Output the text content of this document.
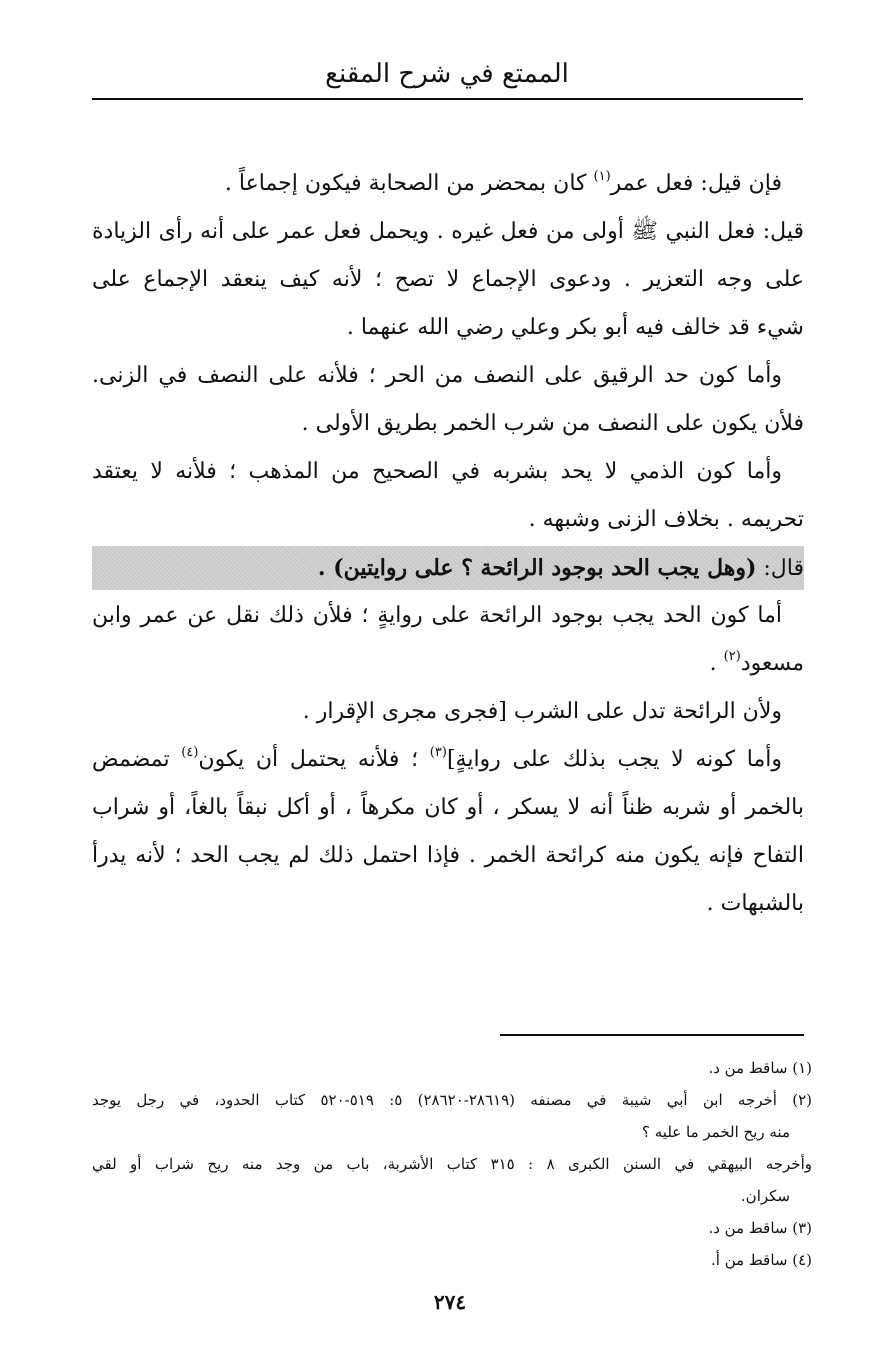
الممتع في شرح المقنع
فإن قيل: فعل عمر$^{(١)}$ كان بمحضر من الصحابة فيكون إجماعاً .
قيل: فعل النبي ﷺ أولى من فعل غيره . ويحمل فعل عمر على أنه رأى الزيادة
على وجه التعزير . ودعوى الإجماع لا تصح ؛ لأنه كيف ينعقد الإجماع على
شيء قد خالف فيه أبو بكر وعلي رضي الله عنهما .
وأما كون حد الرقيق على النصف من الحر ؛ فلأنه على النصف في الزنى.
فلأن يكون على النصف من شرب الخمر بطريق الأولى .
وأما كون الذمي لا يحد بشربه في الصحيح من المذهب ؛ فلأنه لا يعتقد
تحريمه . بخلاف الزنى وشبهه .
قال: (وهل يجب الحد بوجود الرائحة ؟ على روايتين) .
أما كون الحد يجب بوجود الرائحة على روايةٍ ؛ فلأن ذلك نقل عن عمر وابن
مسعود$^{(٢)}$ .
ولأن الرائحة تدل على الشرب [فجرى مجرى الإقرار .
وأما كونه لا يجب بذلك على روايةٍ]$^{(٣)}$ ؛ فلأنه يحتمل أن يكون$^{(٤)}$ تمضمض
بالخمر أو شربه ظناً أنه لا يسكر ، أو كان مكرهاً ، أو أكل نبقاً بالغاً، أو شراب
التفاح فإنه يكون منه كرائحة الخمر . فإذا احتمل ذلك لم يجب الحد ؛ لأنه يدرأ
بالشبهات .
(١) ساقط من د.
(٢) أخرجه ابن أبي شيبة في مصنفه (٢٨٦١٩-٢٨٦٢٠) ٥: ٥١٩-٥٢٠ كتاب الحدود، في رجل يوجد
منه ريح الخمر ما عليه ؟
وأخرجه البيهقي في السنن الكبرى ٨ : ٣١٥ كتاب الأشربة، باب من وجد منه ريح شراب أو لقي
سكران.
(٣) ساقط من د.
(٤) ساقط من أ.
٢٧٤
